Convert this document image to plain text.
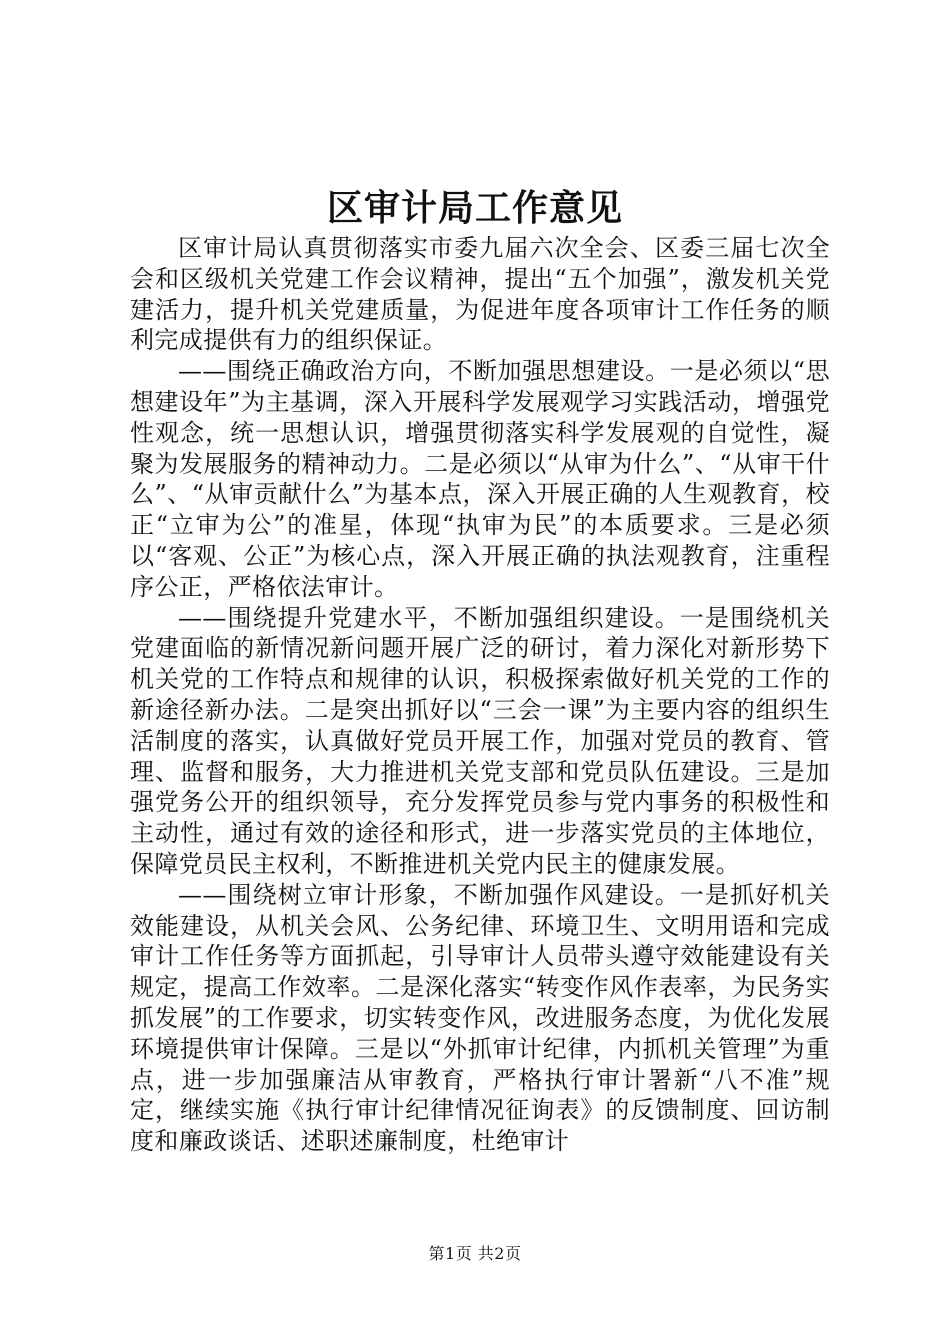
区审计局工作意见

区审计局认真贯彻落实市委九届六次全会、区委三届七次全会和区级机关党建工作会议精神，提出“五个加强”，激发机关党建活力，提升机关党建质量，为促进年度各项审计工作任务的顺利完成提供有力的组织保证。

——围绕正确政治方向，不断加强思想建设。一是必须以“思想建设年”为主基调，深入开展科学发展观学习实践活动，增强党性观念，统一思想认识，增强贯彻落实科学发展观的自觉性，凝聚为发展服务的精神动力。二是必须以“从审为什么”、“从审干什么”、“从审贡献什么”为基本点，深入开展正确的人生观教育，校正“立审为公”的准星，体现“执审为民”的本质要求。三是必须以“客观、公正”为核心点，深入开展正确的执法观教育，注重程序公正，严格依法审计。

——围绕提升党建水平，不断加强组织建设。一是围绕机关党建面临的新情况新问题开展广泛的研讨，着力深化对新形势下机关党的工作特点和规律的认识，积极探索做好机关党的工作的新途径新办法。二是突出抓好以“三会一课”为主要内容的组织生活制度的落实，认真做好党员开展工作，加强对党员的教育、管理、监督和服务，大力推进机关党支部和党员队伍建设。三是加强党务公开的组织领导，充分发挥党员参与党内事务的积极性和主动性，通过有效的途径和形式，进一步落实党员的主体地位，保障党员民主权利，不断推进机关党内民主的健康发展。

——围绕树立审计形象，不断加强作风建设。一是抓好机关效能建设，从机关会风、公务纪律、环境卫生、文明用语和完成审计工作任务等方面抓起，引导审计人员带头遵守效能建设有关规定，提高工作效率。二是深化落实“转变作风作表率，为民务实抓发展”的工作要求，切实转变作风，改进服务态度，为优化发展环境提供审计保障。三是以“外抓审计纪律，内抓机关管理”为重点，进一步加强廉洁从审教育，严格执行审计署新“八不准”规定，继续实施《执行审计纪律情况征询表》的反馈制度、回访制度和廉政谈话、述职述廉制度，杜绝审计

第1页 共2页
